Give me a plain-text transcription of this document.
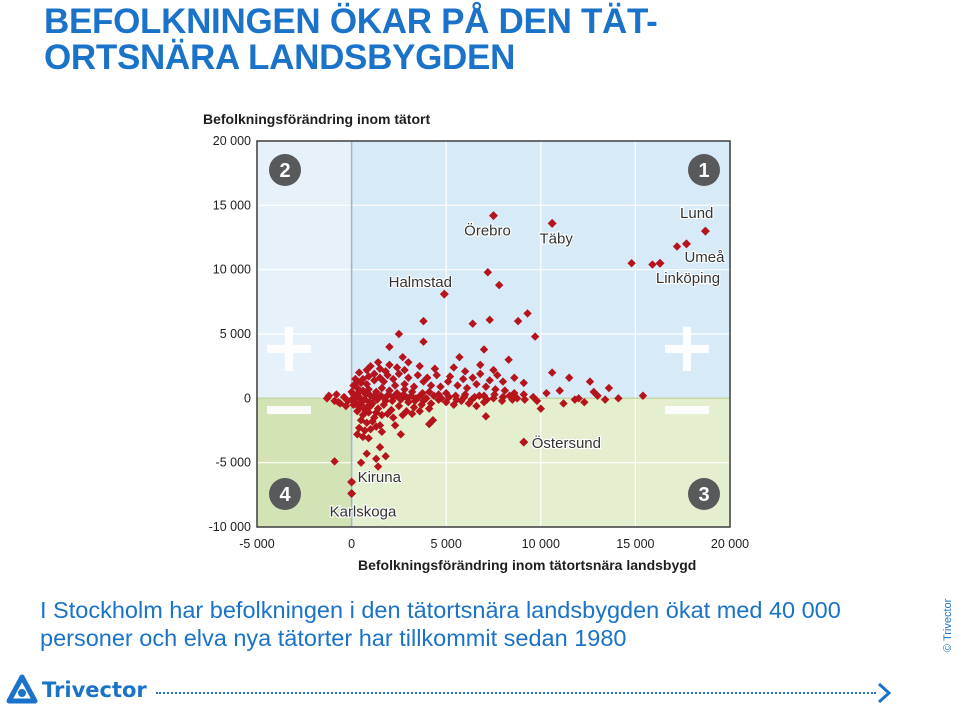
BEFOLKNINGEN ÖKAR PÅ DEN TÄT-
ORTSNÄRA LANDSBYGDEN
1
+
2
+
3
−
4
−
Lund
Umeå
Linköping
Örebro Täby
Halmstad
Östersund
Kiruna
Karlskoga
20 000
15 000
10 000
5 000
0
-5 000
-10 000
-5 000	0	5 000	10 000	15 000	20 000
Befolkningsförändring inom tätort
Befolkningsförändring inom tätortsnära landsbygd
I Stockholm har befolkningen i den tätortsnära landsbygden ökat med 40 000
personer och elva nya tätorter har tillkommit sedan 1980	© Trivector
Trivector
